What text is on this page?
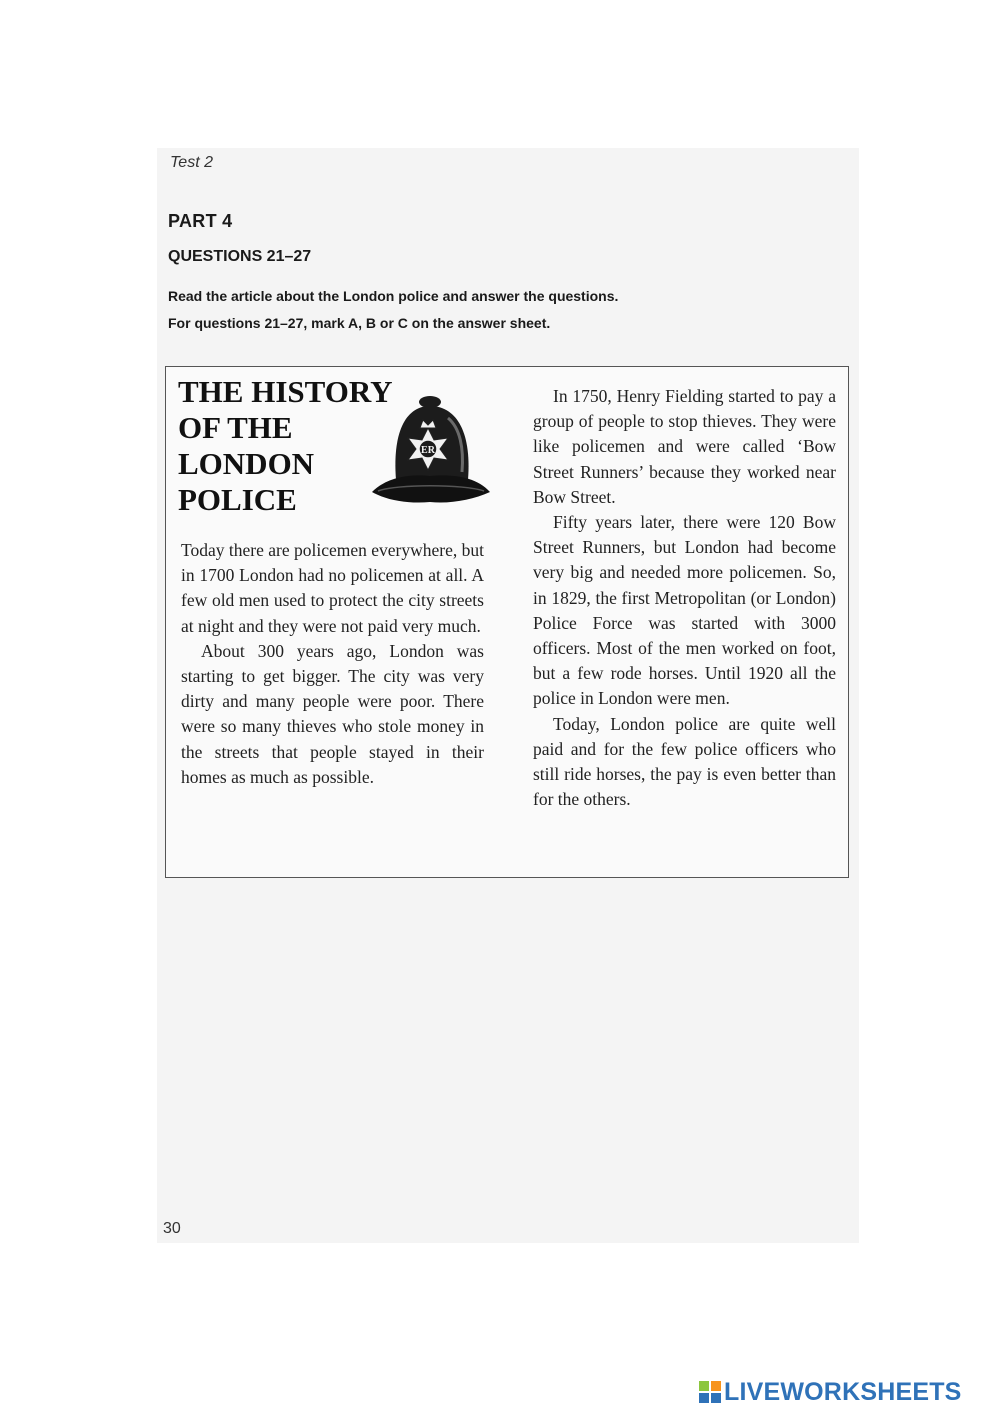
Test 2
PART 4
QUESTIONS 21–27
Read the article about the London police and answer the questions.
For questions 21–27, mark A, B or C on the answer sheet.
THE HISTORY
OF THE
LONDON
POLICE
ER

Today there are policemen everywhere, but in 1700 London had no policemen at all. A few old men used to protect the city streets at night and they were not paid very much.

About 300 years ago, London was starting to get bigger. The city was very dirty and many people were poor. There were so many thieves who stole money in the streets that people stayed in their homes as much as possible.

In 1750, Henry Fielding started to pay a group of people to stop thieves. They were like policemen and were called ‘Bow Street Runners’ because they worked near Bow Street.

Fifty years later, there were 120 Bow Street Runners, but London had become very big and needed more policemen. So, in 1829, the first Metropolitan (or London) Police Force was started with 3000 officers. Most of the men worked on foot, but a few rode horses. Until 1920 all the police in London were men.

Today, London police are quite well paid and for the few police officers who still ride horses, the pay is even better than for the others.

30
LIVEWORKSHEETS
